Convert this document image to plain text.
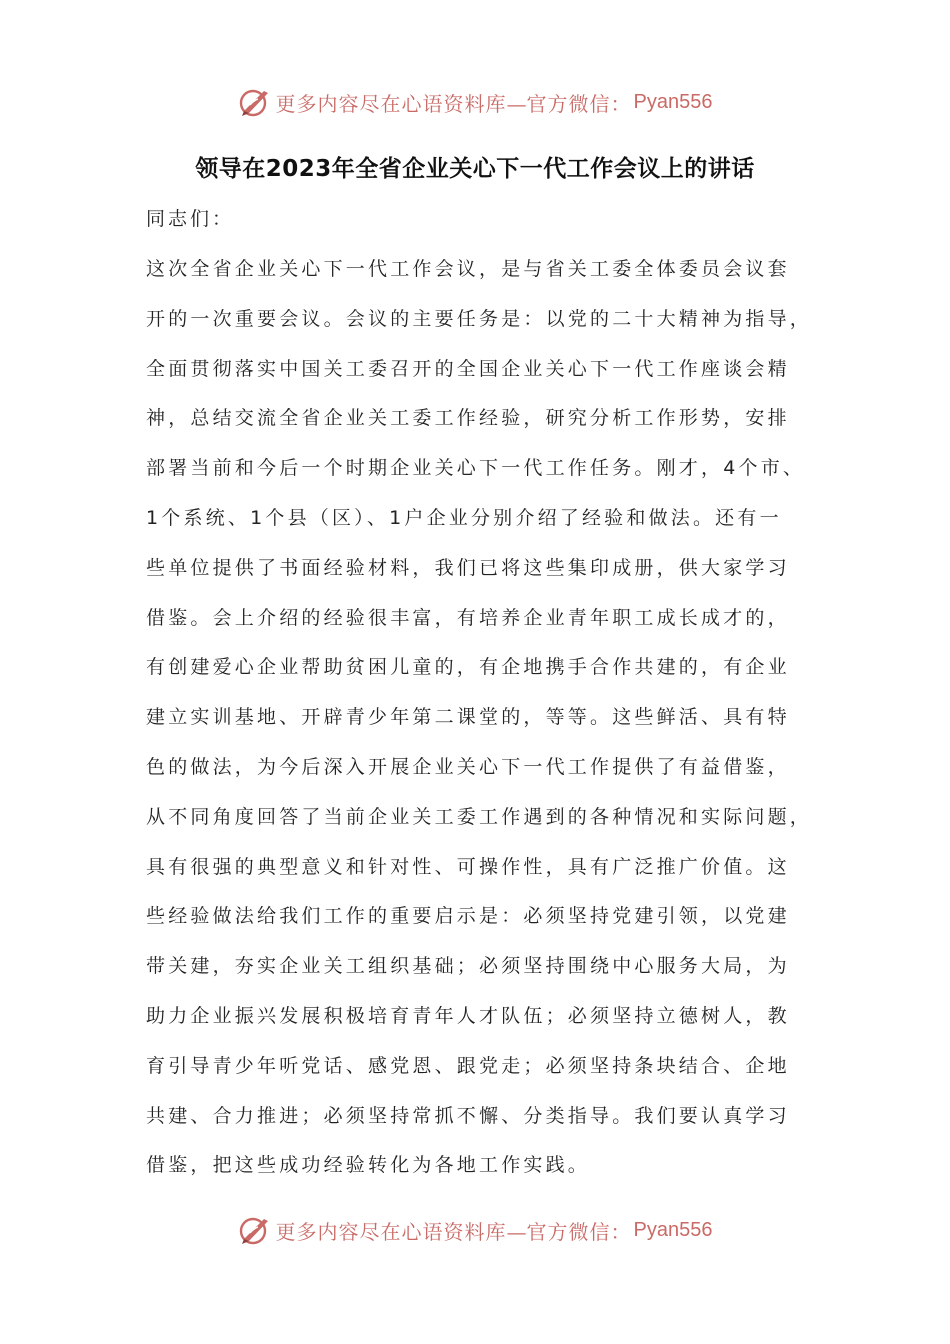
更多内容尽在心语资料库—官方微信： Pyan556
领导在2023年全省企业关心下一代工作会议上的讲话
同志们：
这次全省企业关心下一代工作会议，是与省关工委全体委员会议套
开的一次重要会议。会议的主要任务是：以党的二十大精神为指导，
全面贯彻落实中国关工委召开的全国企业关心下一代工作座谈会精
神，总结交流全省企业关工委工作经验，研究分析工作形势，安排
部署当前和今后一个时期企业关心下一代工作任务。刚才，4个市、
1个系统、1个县（区）、1户企业分别介绍了经验和做法。还有一
些单位提供了书面经验材料，我们已将这些集印成册，供大家学习
借鉴。会上介绍的经验很丰富，有培养企业青年职工成长成才的，
有创建爱心企业帮助贫困儿童的，有企地携手合作共建的，有企业
建立实训基地、开辟青少年第二课堂的，等等。这些鲜活、具有特
色的做法，为今后深入开展企业关心下一代工作提供了有益借鉴，
从不同角度回答了当前企业关工委工作遇到的各种情况和实际问题，
具有很强的典型意义和针对性、可操作性，具有广泛推广价值。这
些经验做法给我们工作的重要启示是：必须坚持党建引领，以党建
带关建，夯实企业关工组织基础；必须坚持围绕中心服务大局，为
助力企业振兴发展积极培育青年人才队伍；必须坚持立德树人，教
育引导青少年听党话、感党恩、跟党走；必须坚持条块结合、企地
共建、合力推进；必须坚持常抓不懈、分类指导。我们要认真学习
借鉴，把这些成功经验转化为各地工作实践。
更多内容尽在心语资料库—官方微信： Pyan556
